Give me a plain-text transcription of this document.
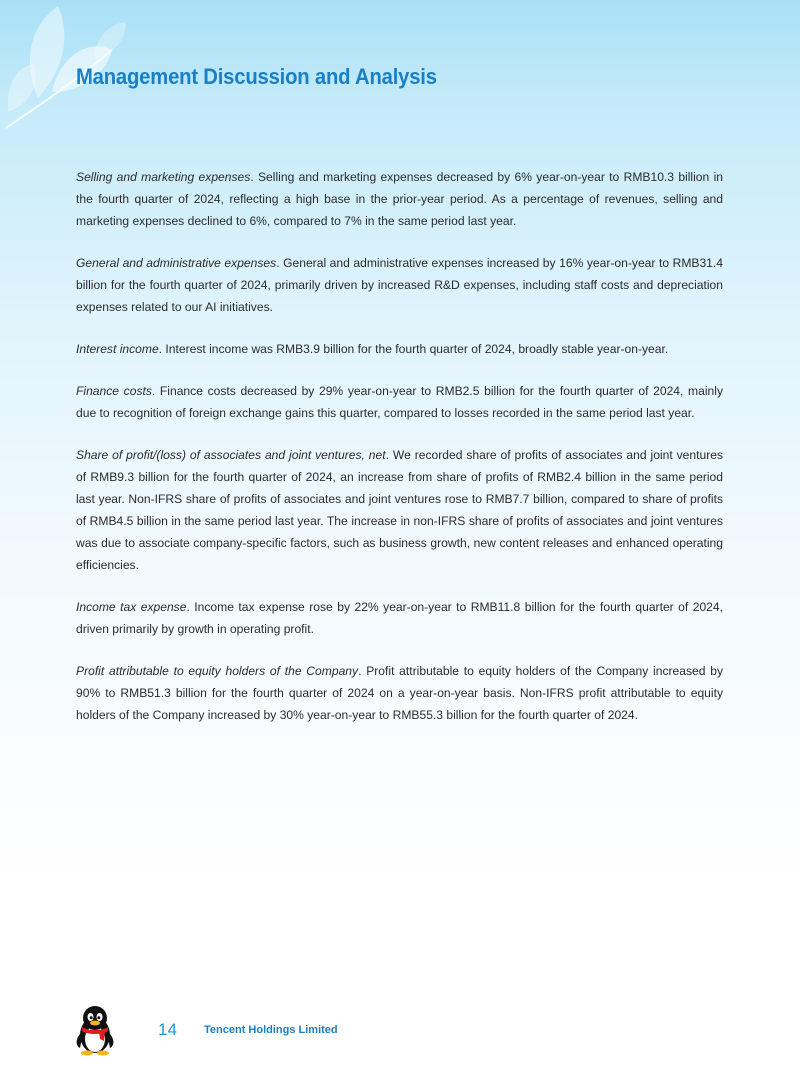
Management Discussion and Analysis

Selling and marketing expenses. Selling and marketing expenses decreased by 6% year-on-year to RMB10.3 billion in the fourth quarter of 2024, reflecting a high base in the prior-year period. As a percentage of revenues, selling and marketing expenses declined to 6%, compared to 7% in the same period last year.

General and administrative expenses. General and administrative expenses increased by 16% year-on-year to RMB31.4 billion for the fourth quarter of 2024, primarily driven by increased R&D expenses, including staff costs and depreciation expenses related to our AI initiatives.

Interest income. Interest income was RMB3.9 billion for the fourth quarter of 2024, broadly stable year-on-year.

Finance costs. Finance costs decreased by 29% year-on-year to RMB2.5 billion for the fourth quarter of 2024, mainly due to recognition of foreign exchange gains this quarter, compared to losses recorded in the same period last year.

Share of profit/(loss) of associates and joint ventures, net. We recorded share of profits of associates and joint ventures of RMB9.3 billion for the fourth quarter of 2024, an increase from share of profits of RMB2.4 billion in the same period last year. Non-IFRS share of profits of associates and joint ventures rose to RMB7.7 billion, compared to share of profits of RMB4.5 billion in the same period last year. The increase in non-IFRS share of profits of associates and joint ventures was due to associate company-specific factors, such as business growth, new content releases and enhanced operating efficiencies.

Income tax expense. Income tax expense rose by 22% year-on-year to RMB11.8 billion for the fourth quarter of 2024, driven primarily by growth in operating profit.

Profit attributable to equity holders of the Company. Profit attributable to equity holders of the Company increased by 90% to RMB51.3 billion for the fourth quarter of 2024 on a year-on-year basis. Non-IFRS profit attributable to equity holders of the Company increased by 30% year-on-year to RMB55.3 billion for the fourth quarter of 2024.

14 Tencent Holdings Limited
